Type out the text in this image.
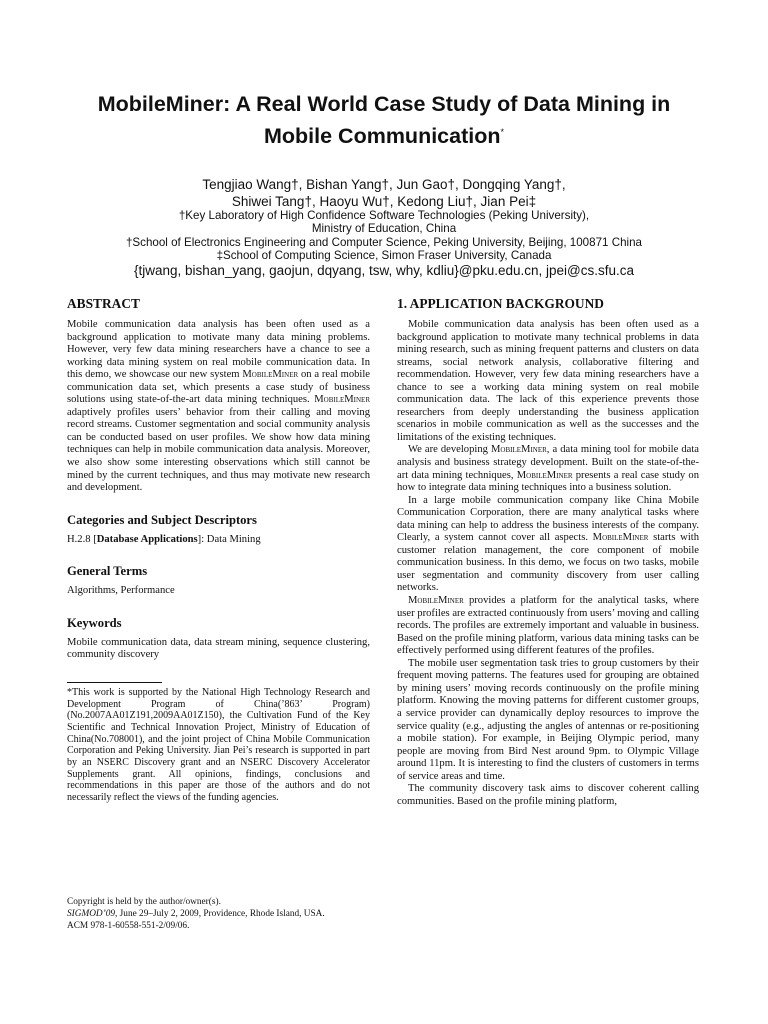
MobileMiner: A Real World Case Study of Data Mining in
Mobile Communication*
Tengjiao Wang†, Bishan Yang†, Jun Gao†, Dongqing Yang†,
Shiwei Tang†, Haoyu Wu†, Kedong Liu†, Jian Pei‡
†Key Laboratory of High Confidence Software Technologies (Peking University),
Ministry of Education, China
†School of Electronics Engineering and Computer Science, Peking University, Beijing, 100871 China
‡School of Computing Science, Simon Fraser University, Canada
{tjwang, bishan_yang, gaojun, dqyang, tsw, why, kdliu}@pku.edu.cn, jpei@cs.sfu.ca
ABSTRACT

Mobile communication data analysis has been often used as a background application to motivate many data mining problems. However, very few data mining researchers have a chance to see a working data mining system on real mobile communication data. In this demo, we showcase our new system MobileMiner on a real mobile communication data set, which presents a case study of business solutions using state-of-the-art data mining techniques. MobileMiner adaptively profiles users’ behavior from their calling and moving record streams. Customer segmentation and social community analysis can be conducted based on user profiles. We show how data mining techniques can help in mobile communication data analysis. Moreover, we also show some interesting observations which still cannot be mined by the current techniques, and thus may motivate new research and development.

Categories and Subject Descriptors

H.2.8 [Database Applications]: Data Mining

General Terms

Algorithms, Performance

Keywords

Mobile communication data, data stream mining, sequence clustering, community discovery

*This work is supported by the National High Technology Research and Development Program of China(’863’ Program)(No.2007AA01Z191,2009AA01Z150), the Cultivation Fund of the Key Scientific and Technical Innovation Project, Ministry of Education of China(No.708001), and the joint project of China Mobile Communication Corporation and Peking University. Jian Pei’s research is supported in part by an NSERC Discovery grant and an NSERC Discovery Accelerator Supplements grant. All opinions, findings, conclusions and recommendations in this paper are those of the authors and do not necessarily reflect the views of the funding agencies.

Copyright is held by the author/owner(s).
SIGMOD’09, June 29–July 2, 2009, Providence, Rhode Island, USA.
ACM 978-1-60558-551-2/09/06.
1. APPLICATION BACKGROUND

Mobile communication data analysis has been often used as a background application to motivate many technical problems in data mining research, such as mining frequent patterns and clusters on data streams, social network analysis, collaborative filtering and recommendation. However, very few data mining researchers have a chance to see a working data mining system on real mobile communication data. The lack of this experience prevents those researchers from deeply understanding the business application scenarios in mobile communication as well as the successes and the limitations of the existing techniques.

We are developing MobileMiner, a data mining tool for mobile data analysis and business strategy development. Built on the state-of-the-art data mining techniques, MobileMiner presents a real case study on how to integrate data mining techniques into a business solution.

In a large mobile communication company like China Mobile Communication Corporation, there are many analytical tasks where data mining can help to address the business interests of the company. Clearly, a system cannot cover all aspects. MobileMiner starts with customer relation management, the core component of mobile communication business. In this demo, we focus on two tasks, mobile user segmentation and community discovery from user calling networks.

MobileMiner provides a platform for the analytical tasks, where user profiles are extracted continuously from users’ moving and calling records. The profiles are extremely important and valuable in business. Based on the profile mining platform, various data mining tasks can be effectively performed using different features of the profiles.

The mobile user segmentation task tries to group customers by their frequent moving patterns. The features used for grouping are obtained by mining users’ moving records continuously on the profile mining platform. Knowing the moving patterns for different customer groups, a service provider can dynamically deploy resources to improve the service quality (e.g., adjusting the angles of antennas or re-positioning a mobile station). For example, in Beijing Olympic period, many people are moving from Bird Nest around 9pm. to Olympic Village around 11pm. It is interesting to find the clusters of customers in terms of service areas and time.

The community discovery task aims to discover coherent calling communities. Based on the profile mining platform,
